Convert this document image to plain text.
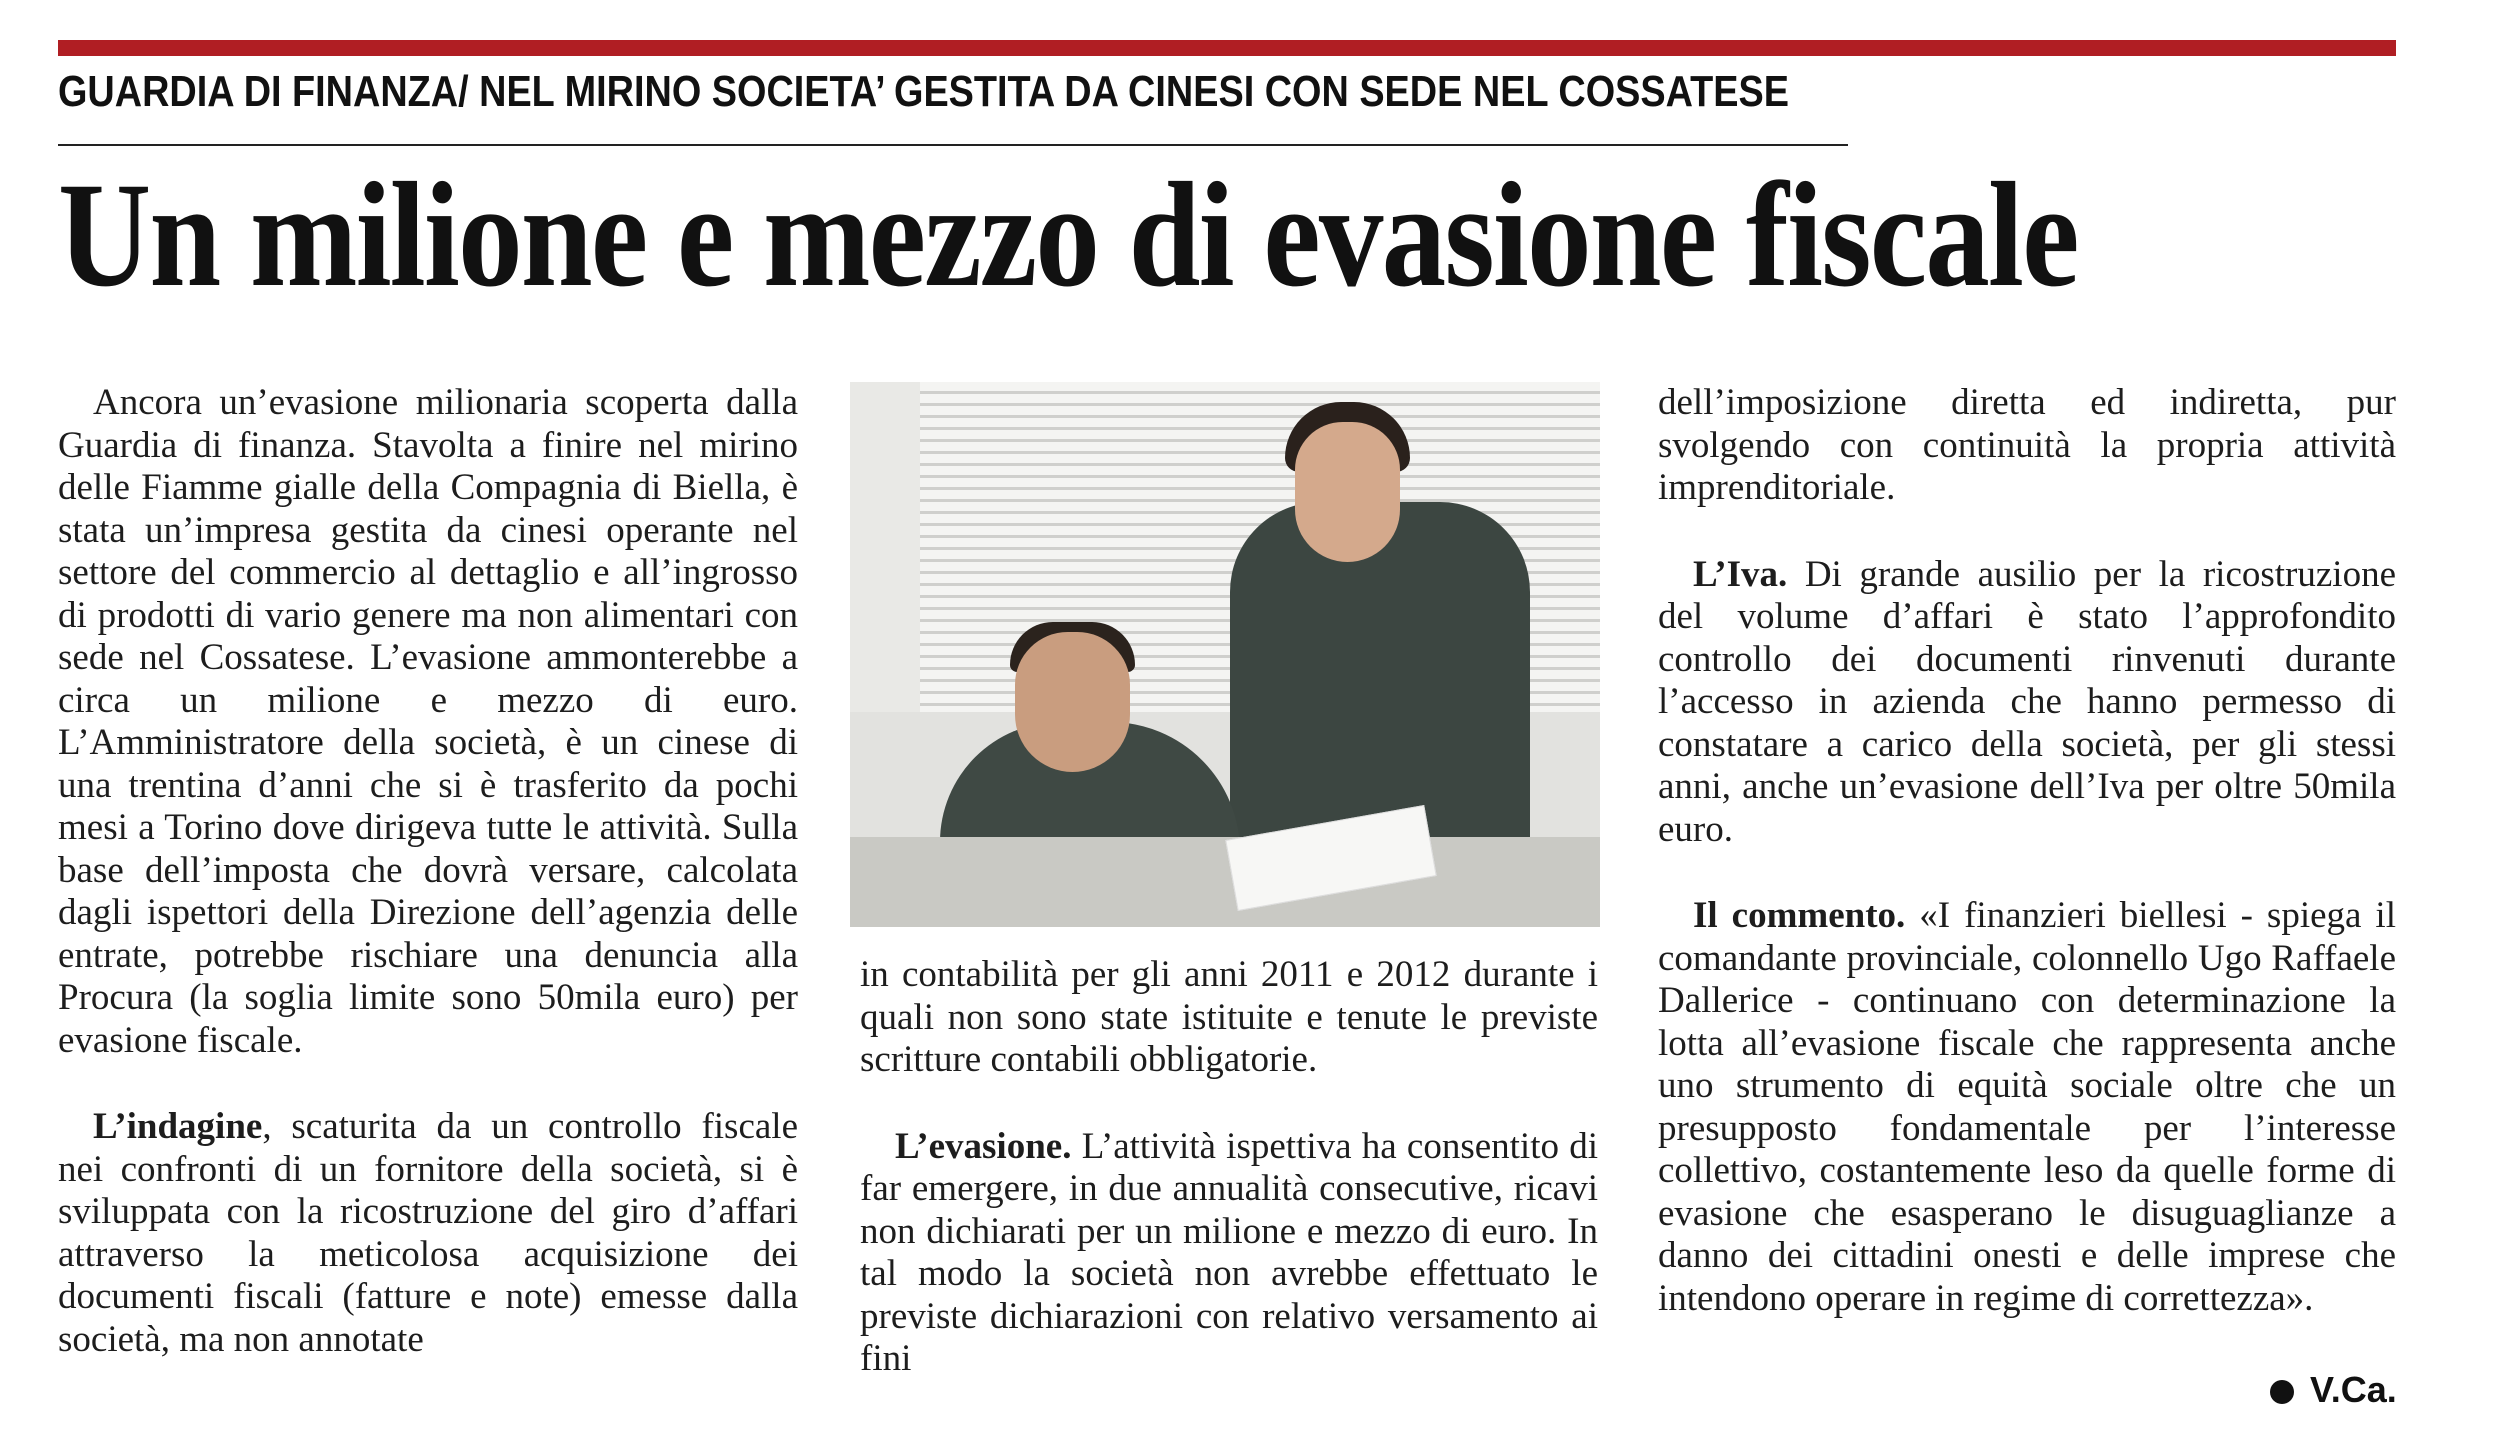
GUARDIA DI FINANZA/ NEL MIRINO SOCIETA’ GESTITA DA CINESI CON SEDE NEL COSSATESE
Un milione e mezzo di evasione fiscale

Ancora un’evasione milionaria scoperta dalla Guardia di finanza. Stavolta a finire nel mirino delle Fiamme gialle della Compagnia di Biella, è stata un’impresa gestita da cinesi operante nel settore del commercio al dettaglio e all’ingrosso di prodotti di vario genere ma non alimentari con sede nel Cossatese. L’evasione ammonterebbe a circa un milione e mezzo di euro. L’Amministratore della società, è un cinese di una trentina d’anni che si è trasferito da pochi mesi a Torino dove dirigeva tutte le attività. Sulla base dell’imposta che dovrà versare, calcolata dagli ispettori della Direzione dell’agenzia delle entrate, potrebbe rischiare una denuncia alla Procura (la soglia limite sono 50mila euro) per evasione fiscale.

L’indagine, scaturita da un controllo fiscale nei confronti di un fornitore della società, si è sviluppata con la ricostruzione del giro d’affari attraverso la meticolosa acquisizione dei documenti fiscali (fatture e note) emesse dalla società, ma non annotate

in contabilità per gli anni 2011 e 2012 durante i quali non sono state istituite e tenute le previste scritture contabili obbligatorie.

L’evasione. L’attività ispettiva ha consentito di far emergere, in due annualità consecutive, ricavi non dichiarati per un milione e mezzo di euro. In tal modo la società non avrebbe effettuato le previste dichiarazioni con relativo versamento ai fini

dell’imposizione diretta ed indiretta, pur svolgendo con continuità la propria attività imprenditoriale.

L’Iva. Di grande ausilio per la ricostruzione del volume d’affari è stato l’approfondito controllo dei documenti rinvenuti durante l’accesso in azienda che hanno permesso di constatare a carico della società, per gli stessi anni, anche un’evasione dell’Iva per oltre 50mila euro.

Il commento. «I finanzieri biellesi - spiega il comandante provinciale, colonnello Ugo Raffaele Dallerice - continuano con determinazione la lotta all’evasione fiscale che rappresenta anche uno strumento di equità sociale oltre che un presupposto fondamentale per l’interesse collettivo, costantemente leso da quelle forme di evasione che esasperano le disuguaglianze a danno dei cittadini onesti e delle imprese che intendono operare in regime di correttezza».

V.Ca.
